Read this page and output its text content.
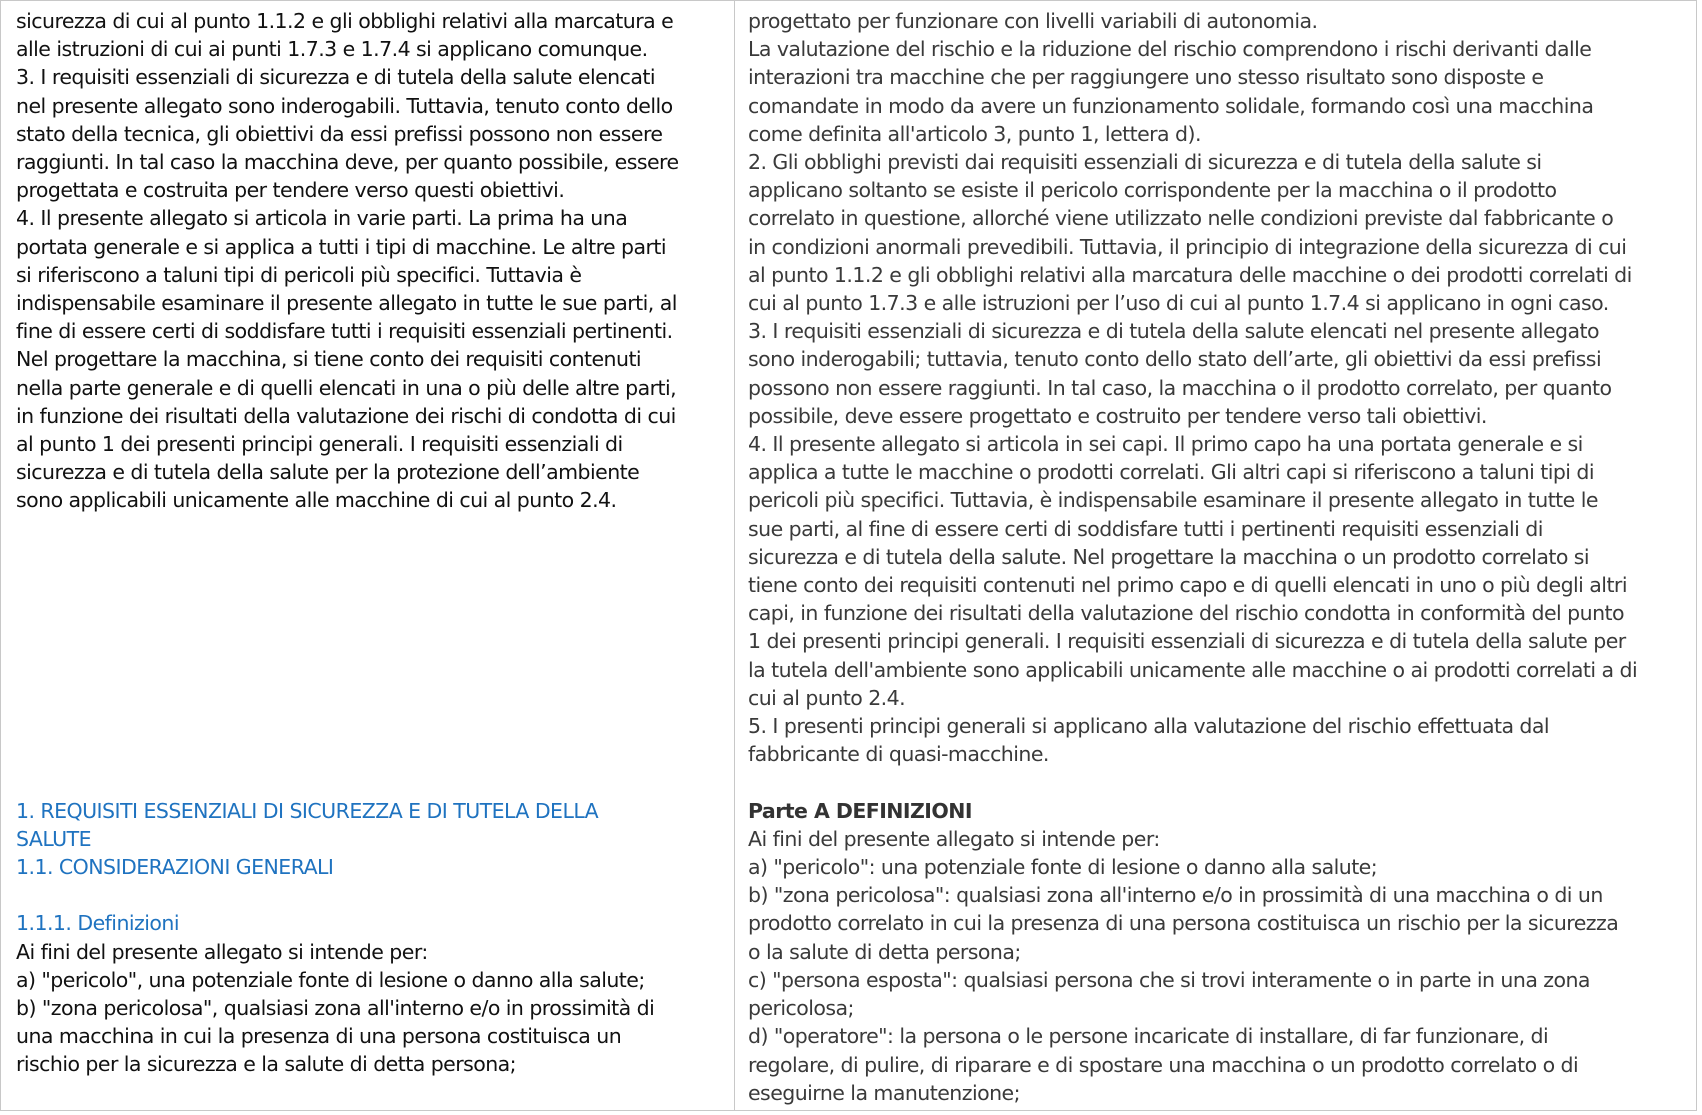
sicurezza di cui al punto 1.1.2 e gli obblighi relativi alla marcatura e
alle istruzioni di cui ai punti 1.7.3 e 1.7.4 si applicano comunque.
3. I requisiti essenziali di sicurezza e di tutela della salute elencati
nel presente allegato sono inderogabili. Tuttavia, tenuto conto dello
stato della tecnica, gli obiettivi da essi prefissi possono non essere
raggiunti. In tal caso la macchina deve, per quanto possibile, essere
progettata e costruita per tendere verso questi obiettivi.
4. Il presente allegato si articola in varie parti. La prima ha una
portata generale e si applica a tutti i tipi di macchine. Le altre parti
si riferiscono a taluni tipi di pericoli più specifici. Tuttavia è
indispensabile esaminare il presente allegato in tutte le sue parti, al
fine di essere certi di soddisfare tutti i requisiti essenziali pertinenti.
Nel progettare la macchina, si tiene conto dei requisiti contenuti
nella parte generale e di quelli elencati in una o più delle altre parti,
in funzione dei risultati della valutazione dei rischi di condotta di cui
al punto 1 dei presenti principi generali. I requisiti essenziali di
sicurezza e di tutela della salute per la protezione dell’ambiente
sono applicabili unicamente alle macchine di cui al punto 2.4.
1. REQUISITI ESSENZIALI DI SICUREZZA E DI TUTELA DELLA
SALUTE
1.1. CONSIDERAZIONI GENERALI
1.1.1. Definizioni
Ai fini del presente allegato si intende per:
a) "pericolo", una potenziale fonte di lesione o danno alla salute;
b) "zona pericolosa", qualsiasi zona all'interno e/o in prossimità di
una macchina in cui la presenza di una persona costituisca un
rischio per la sicurezza e la salute di detta persona;
progettato per funzionare con livelli variabili di autonomia.
La valutazione del rischio e la riduzione del rischio comprendono i rischi derivanti dalle
interazioni tra macchine che per raggiungere uno stesso risultato sono disposte e
comandate in modo da avere un funzionamento solidale, formando così una macchina
come definita all'articolo 3, punto 1, lettera d).
2. Gli obblighi previsti dai requisiti essenziali di sicurezza e di tutela della salute si
applicano soltanto se esiste il pericolo corrispondente per la macchina o il prodotto
correlato in questione, allorché viene utilizzato nelle condizioni previste dal fabbricante o
in condizioni anormali prevedibili. Tuttavia, il principio di integrazione della sicurezza di cui
al punto 1.1.2 e gli obblighi relativi alla marcatura delle macchine o dei prodotti correlati di
cui al punto 1.7.3 e alle istruzioni per l’uso di cui al punto 1.7.4 si applicano in ogni caso.
3. I requisiti essenziali di sicurezza e di tutela della salute elencati nel presente allegato
sono inderogabili; tuttavia, tenuto conto dello stato dell’arte, gli obiettivi da essi prefissi
possono non essere raggiunti. In tal caso, la macchina o il prodotto correlato, per quanto
possibile, deve essere progettato e costruito per tendere verso tali obiettivi.
4. Il presente allegato si articola in sei capi. Il primo capo ha una portata generale e si
applica a tutte le macchine o prodotti correlati. Gli altri capi si riferiscono a taluni tipi di
pericoli più specifici. Tuttavia, è indispensabile esaminare il presente allegato in tutte le
sue parti, al fine di essere certi di soddisfare tutti i pertinenti requisiti essenziali di
sicurezza e di tutela della salute. Nel progettare la macchina o un prodotto correlato si
tiene conto dei requisiti contenuti nel primo capo e di quelli elencati in uno o più degli altri
capi, in funzione dei risultati della valutazione del rischio condotta in conformità del punto
1 dei presenti principi generali. I requisiti essenziali di sicurezza e di tutela della salute per
la tutela dell'ambiente sono applicabili unicamente alle macchine o ai prodotti correlati a di
cui al punto 2.4.
5. I presenti principi generali si applicano alla valutazione del rischio effettuata dal
fabbricante di quasi-macchine.
Parte A DEFINIZIONI
Ai fini del presente allegato si intende per:
a) "pericolo": una potenziale fonte di lesione o danno alla salute;
b) "zona pericolosa": qualsiasi zona all'interno e/o in prossimità di una macchina o di un
prodotto correlato in cui la presenza di una persona costituisca un rischio per la sicurezza
o la salute di detta persona;
c) "persona esposta": qualsiasi persona che si trovi interamente o in parte in una zona
pericolosa;
d) "operatore": la persona o le persone incaricate di installare, di far funzionare, di
regolare, di pulire, di riparare e di spostare una macchina o un prodotto correlato o di
eseguirne la manutenzione;
